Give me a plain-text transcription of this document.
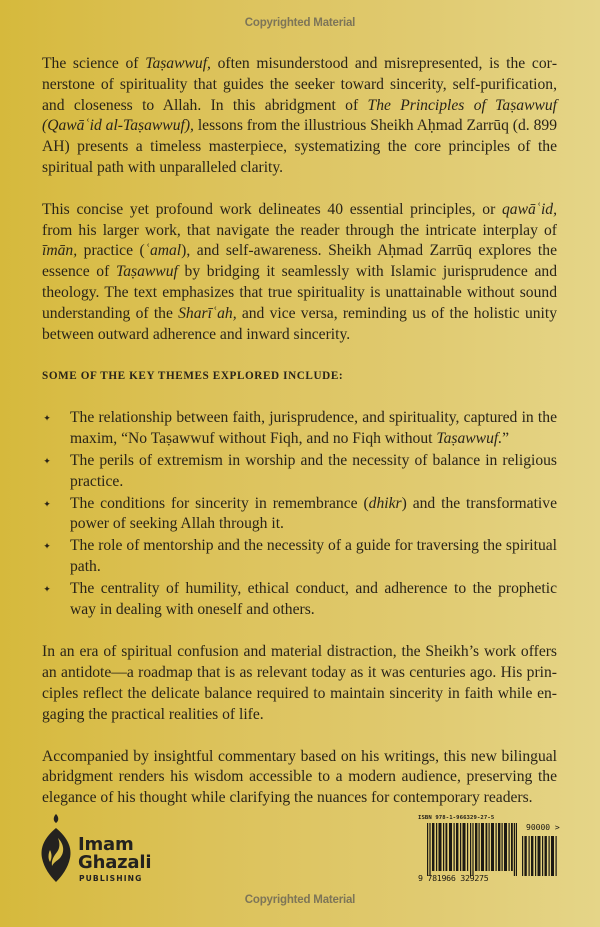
Copyrighted Material

The science of Taṣawwuf, often misunderstood and misrepresented, is the cornerstone of spirituality that guides the seeker toward sincerity, self-purification, and closeness to Allah. In this abridgment of The Principles of Taṣawwuf (Qawāʿid al-Taṣawwuf), lessons from the illustrious Sheikh Aḥmad Zarrūq (d. 899 AH) presents a timeless masterpiece, systematizing the core principles of the spiritual path with unparalleled clarity.

This concise yet profound work delineates 40 essential principles, or qawāʿid, from his larger work, that navigate the reader through the intricate interplay of īmān, practice (ʿamal), and self-awareness. Sheikh Aḥmad Zarrūq explores the essence of Taṣawwuf by bridging it seamlessly with Islamic jurisprudence and theology. The text emphasizes that true spirituality is unattainable without sound understanding of the Sharīʿah, and vice versa, reminding us of the holistic unity between outward adherence and inward sincerity.

SOME OF THE KEY THEMES EXPLORED INCLUDE:

✦ The relationship between faith, jurisprudence, and spirituality, captured in the maxim, “No Taṣawwuf without Fiqh, and no Fiqh without Taṣawwuf.”
✦ The perils of extremism in worship and the necessity of balance in religious practice.
✦ The conditions for sincerity in remembrance (dhikr) and the transformative power of seeking Allah through it.
✦ The role of mentorship and the necessity of a guide for traversing the spiritual path.
✦ The centrality of humility, ethical conduct, and adherence to the prophetic way in dealing with oneself and others.

In an era of spiritual confusion and material distraction, the Sheikh’s work offers an antidote—a roadmap that is as relevant today as it was centuries ago. His principles reflect the delicate balance required to maintain sincerity in faith while engaging the practical realities of life.

Accompanied by insightful commentary based on his writings, this new bilingual abridgment renders his wisdom accessible to a modern audience, preserving the elegance of his thought while clarifying the nuances for contemporary readers.

Imam
Ghazali
PUBLISHING
ISBN 978-1-966329-27-5
90000 >
9 781966 329275
Copyrighted Material
